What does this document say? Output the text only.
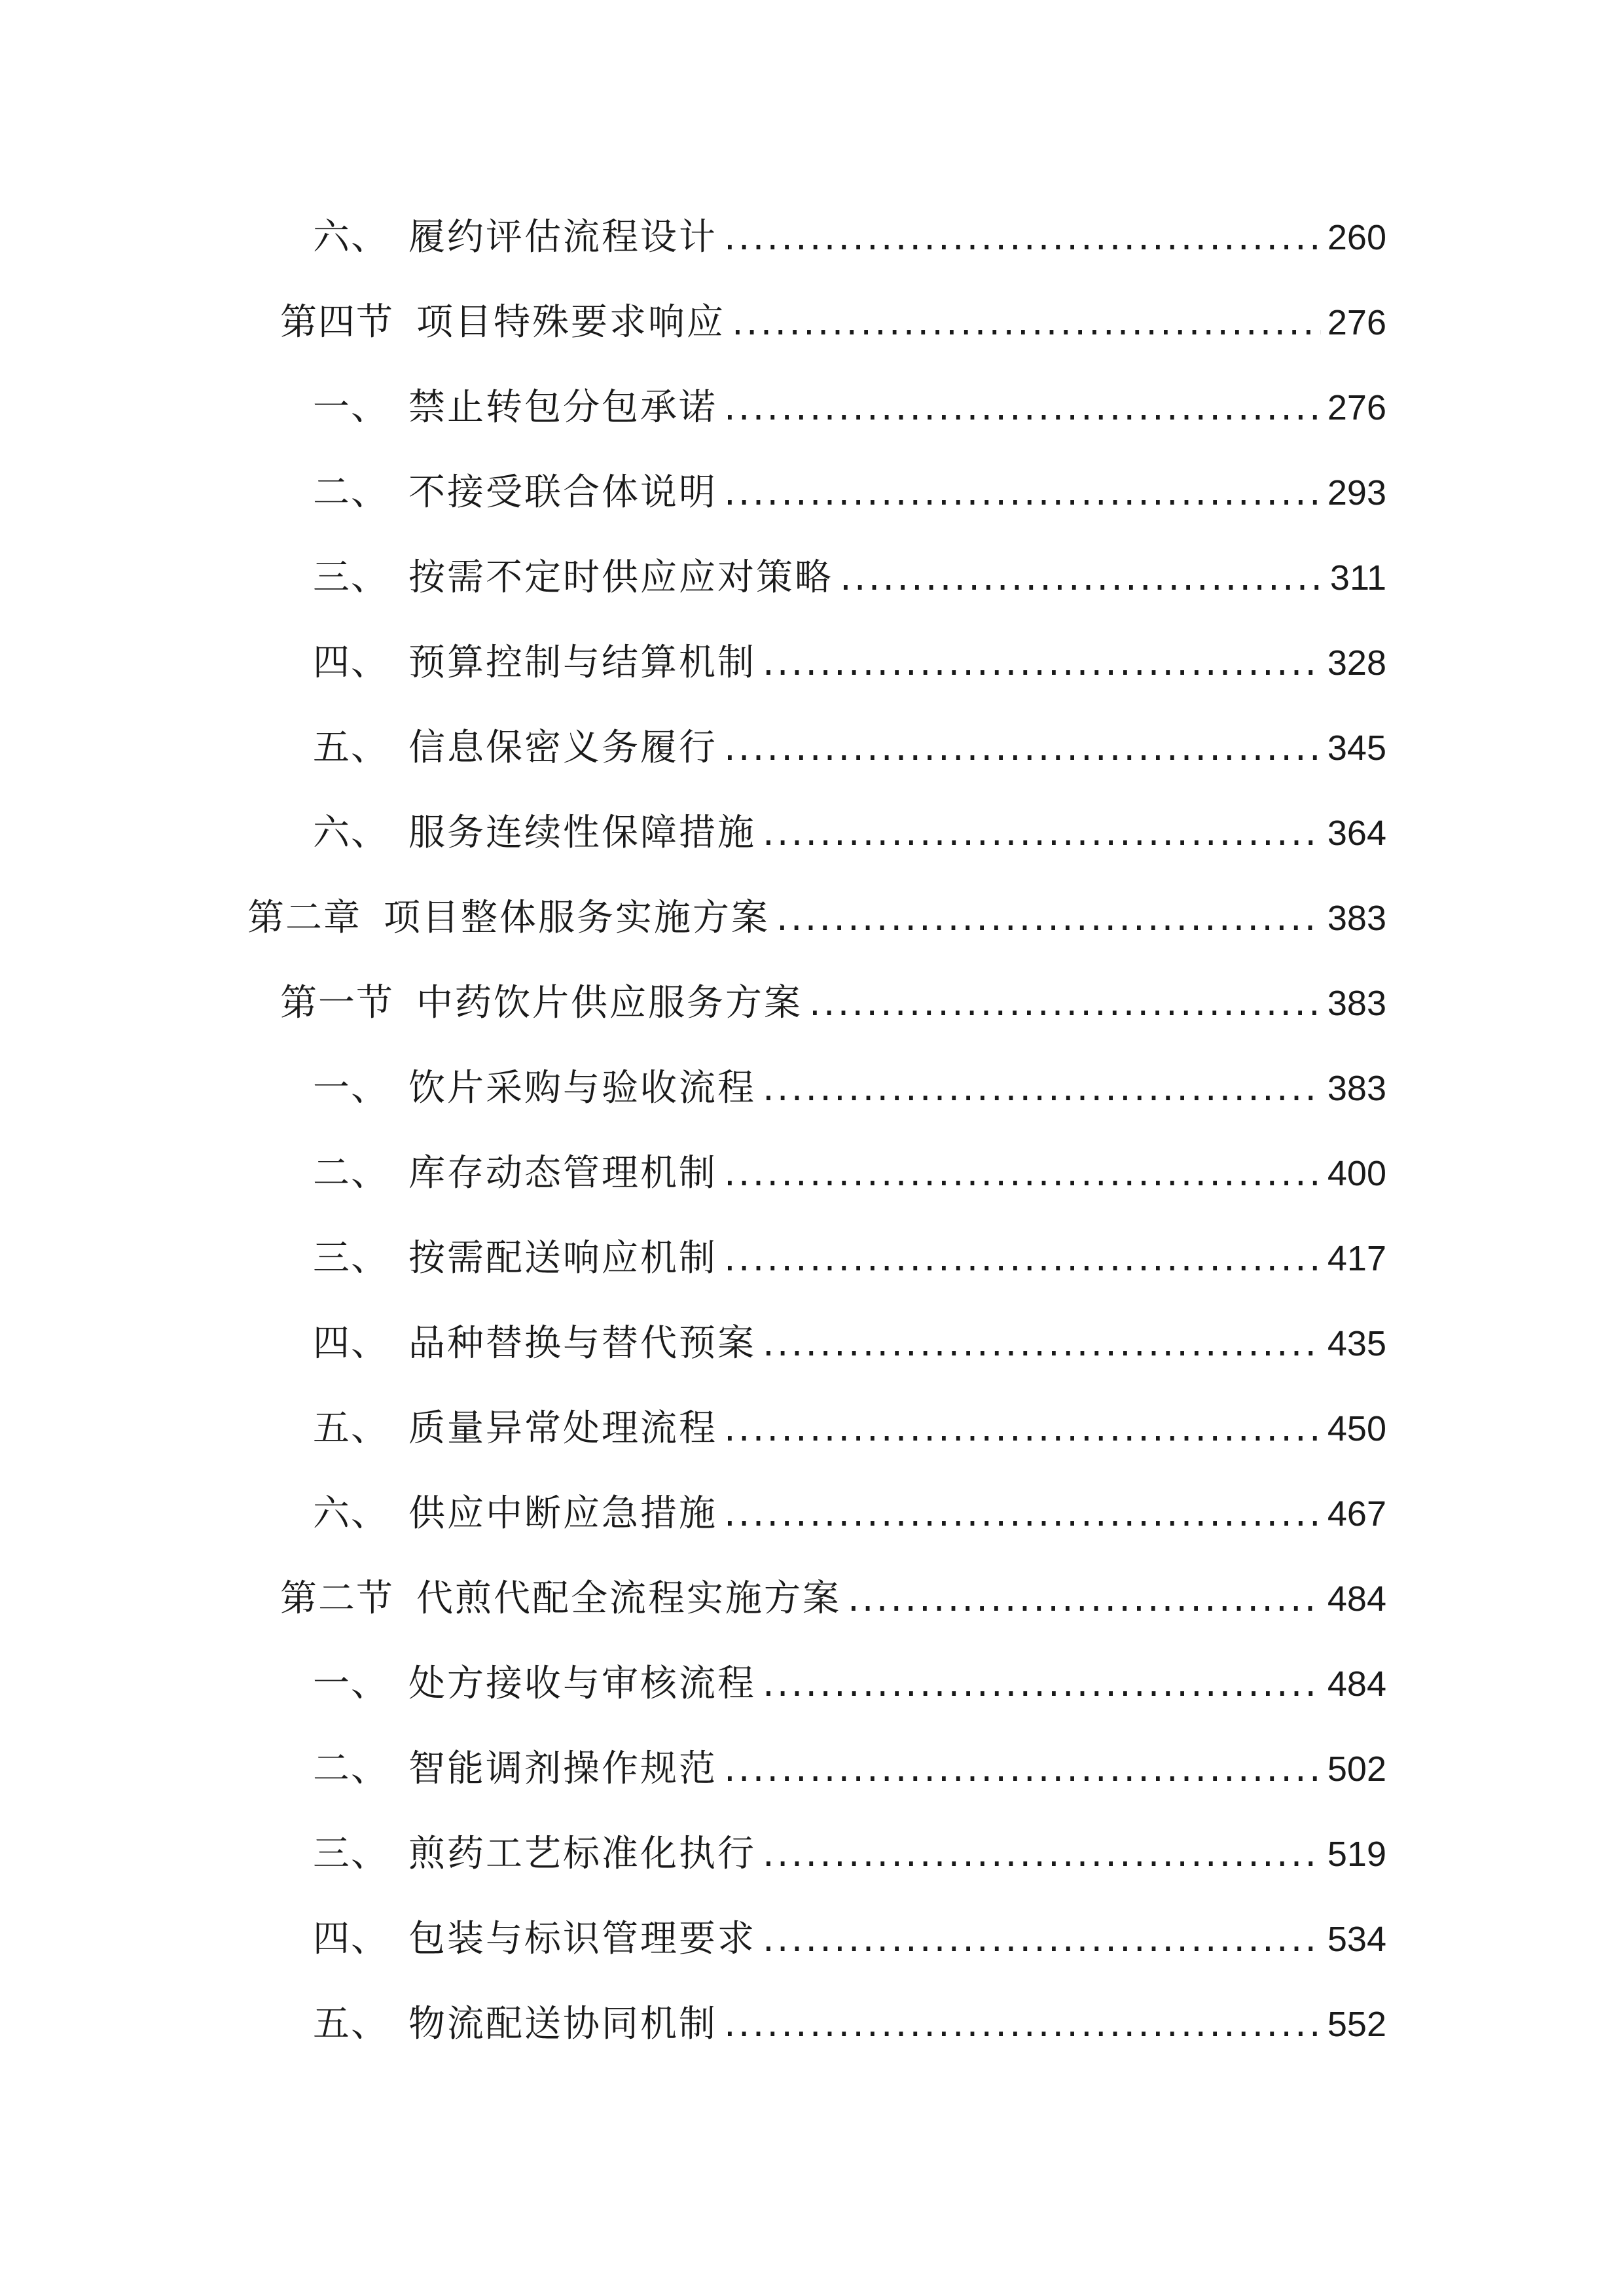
六、 履约评估流程设计 .....	260
第四节 项目特殊要求响应 .....	276
一、 禁止转包分包承诺 .....	276
二、 不接受联合体说明 .....	293
三、 按需不定时供应应对策略 .....	311
四、 预算控制与结算机制 .....	328
五、 信息保密义务履行 .....	345
六、 服务连续性保障措施 .....	364
第二章 项目整体服务实施方案 .....	383
第一节 中药饮片供应服务方案 .....	383
一、 饮片采购与验收流程 .....	383
二、 库存动态管理机制 .....	400
三、 按需配送响应机制 .....	417
四、 品种替换与替代预案 .....	435
五、 质量异常处理流程 .....	450
六、 供应中断应急措施 .....	467
第二节 代煎代配全流程实施方案 .....	484
一、 处方接收与审核流程 .....	484
二、 智能调剂操作规范 .....	502
三、 煎药工艺标准化执行 .....	519
四、 包装与标识管理要求 .....	534
五、 物流配送协同机制 .....	552
